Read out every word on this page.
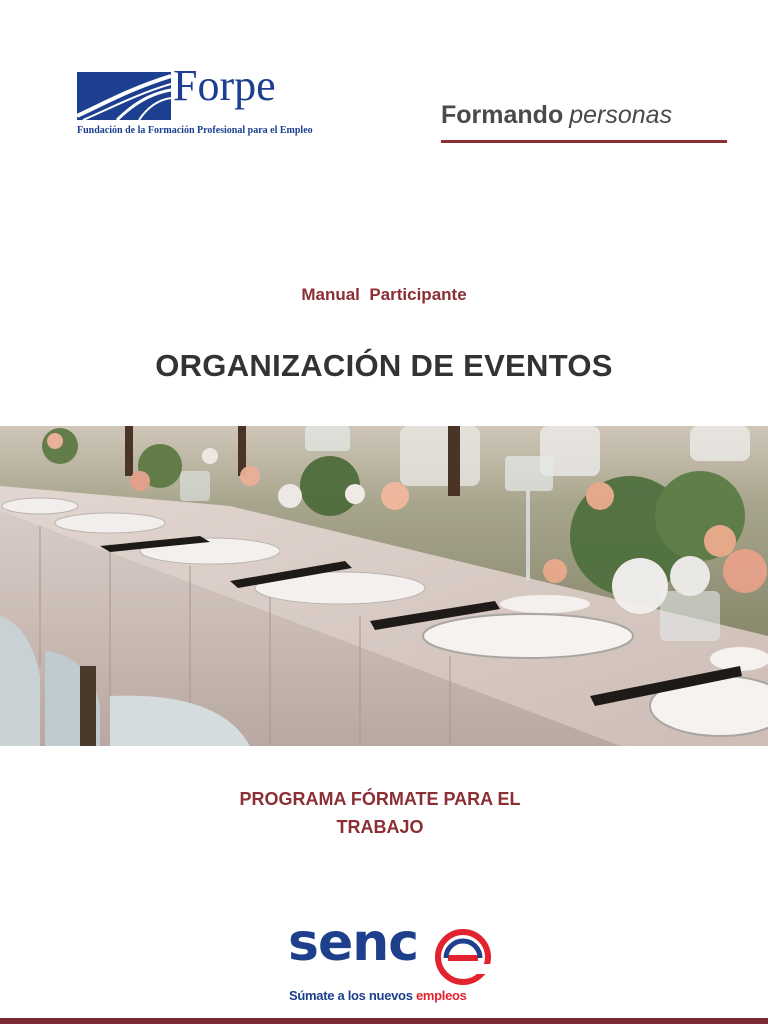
Forpe
Fundación de la Formación Profesional para el Empleo
Formando personas
Manual  Participante
ORGANIZACIÓN DE EVENTOS
PROGRAMA FÓRMATE PARA EL
TRABAJO
senc
Súmate a los nuevos empleos
